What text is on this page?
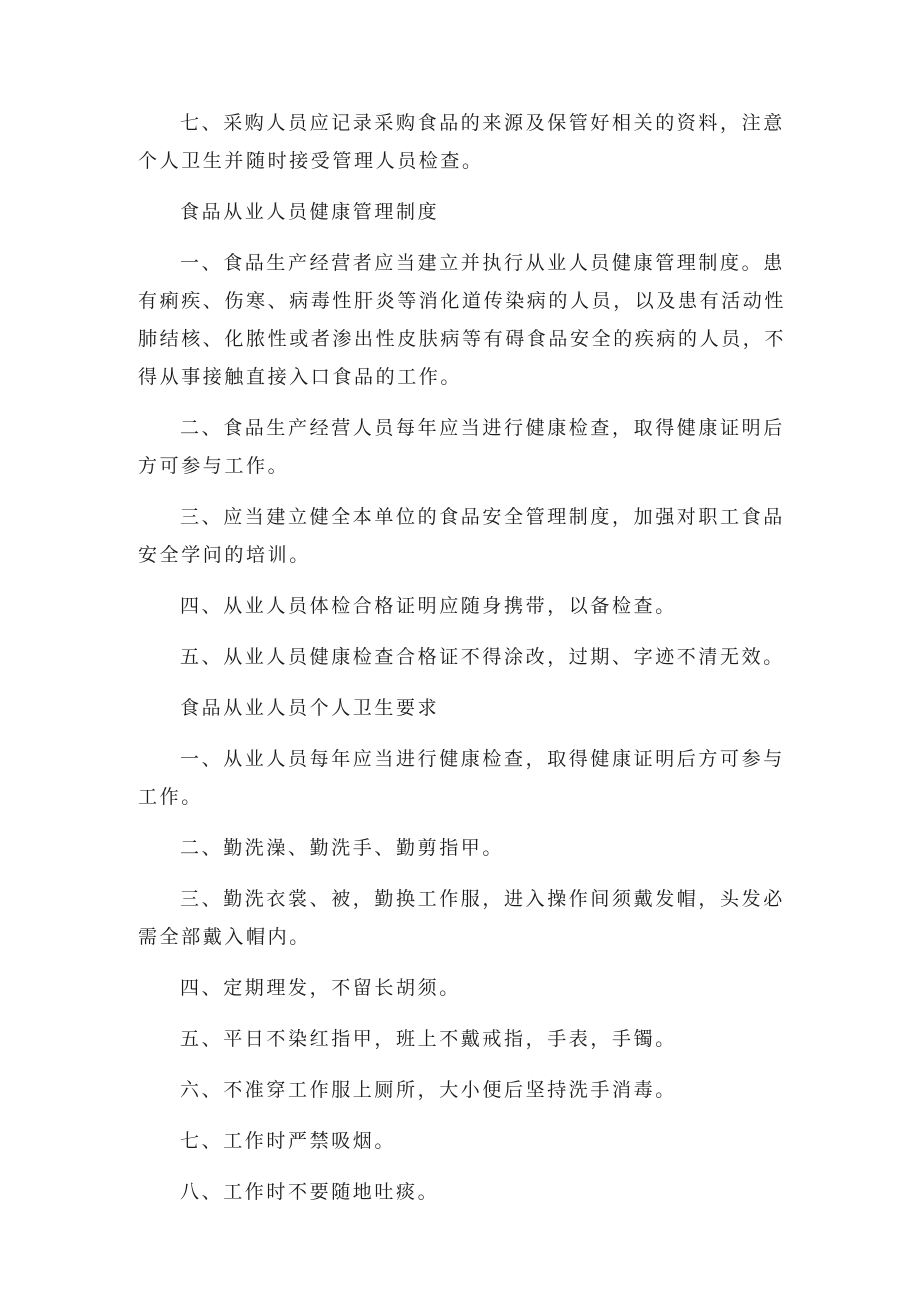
七、采购人员应记录采购食品的来源及保管好相关的资料，注意个人卫生并随时接受管理人员检查。

食品从业人员健康管理制度

一、食品生产经营者应当建立并执行从业人员健康管理制度。患有痢疾、伤寒、病毒性肝炎等消化道传染病的人员，以及患有活动性肺结核、化脓性或者渗出性皮肤病等有碍食品安全的疾病的人员，不得从事接触直接入口食品的工作。

二、食品生产经营人员每年应当进行健康检查，取得健康证明后方可参与工作。

三、应当建立健全本单位的食品安全管理制度，加强对职工食品安全学问的培训。

四、从业人员体检合格证明应随身携带，以备检查。

五、从业人员健康检查合格证不得涂改，过期、字迹不清无效。

食品从业人员个人卫生要求

一、从业人员每年应当进行健康检查，取得健康证明后方可参与工作。

二、勤洗澡、勤洗手、勤剪指甲。

三、勤洗衣裳、被，勤换工作服，进入操作间须戴发帽，头发必需全部戴入帽内。

四、定期理发，不留长胡须。

五、平日不染红指甲，班上不戴戒指，手表，手镯。

六、不准穿工作服上厕所，大小便后坚持洗手消毒。

七、工作时严禁吸烟。

八、工作时不要随地吐痰。
